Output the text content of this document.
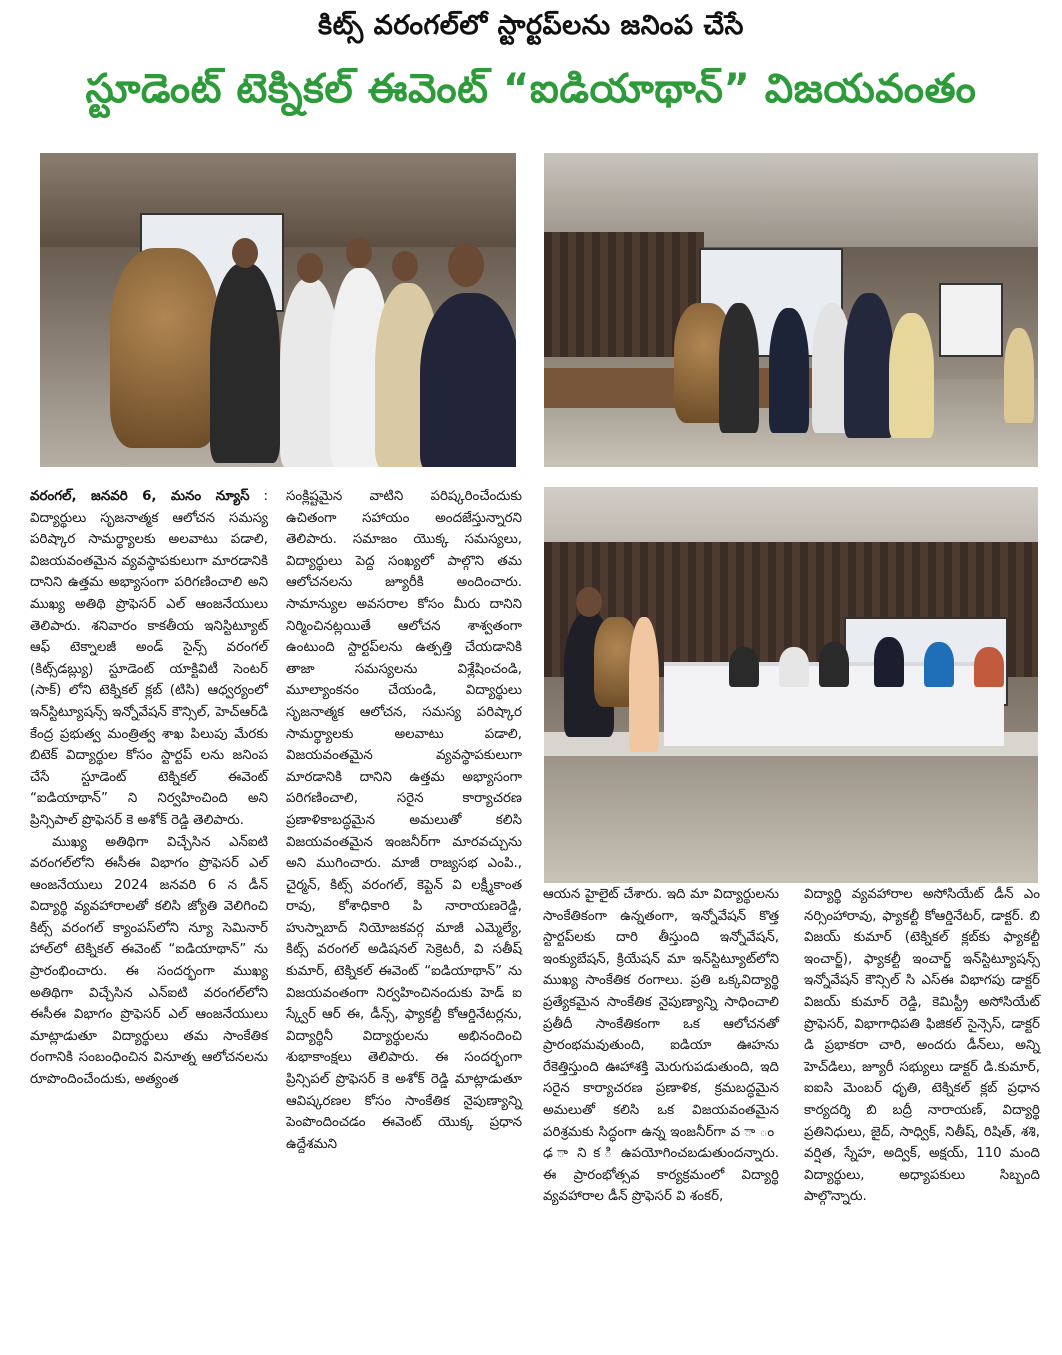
కిట్స్ వరంగల్‌లో స్టార్టప్‌లను జనింప చేసే
స్టూడెంట్ టెక్నికల్ ఈవెంట్ “ఐడియాథాన్” విజయవంతం

వరంగల్, జనవరి 6, మనం న్యూస్ : విద్యార్థులు సృజనాత్మక ఆలోచన సమస్య పరిష్కార సామర్థ్యాలకు అలవాటు పడాలి, విజయవంతమైన వ్యవస్థాపకులుగా మారడానికి దానిని ఉత్తమ అభ్యాసంగా పరిగణించాలి అని ముఖ్య అతిథి ప్రొఫెసర్ ఎల్ ఆంజనేయులు తెలిపారు. శనివారం కాకతీయ ఇనిస్టిట్యూట్ ఆఫ్ టెక్నాలజీ అండ్ సైన్స్ వరంగల్ (కిట్స్‌డబ్ల్యు) స్టూడెంట్ యాక్టివిటీ సెంటర్ (సాక్) లోని టెక్నికల్ క్లబ్ (టిసి) ఆధ్వర్యంలో ఇన్‌స్టిట్యూషన్స్ ఇన్నోవేషన్ కౌన్సిల్, హెచ్‌ఆర్‌డి కేంద్ర ప్రభుత్వ మంత్రిత్వ శాఖ పిలుపు మేరకు బిటెక్ విద్యార్థుల కోసం స్టార్టప్ లను జనింప చేసే స్టూడెంట్ టెక్నికల్ ఈవెంట్ “ఐడియాథాన్” ని నిర్వహించింది అని ప్రిన్సిపాల్ ప్రొఫెసర్ కె అశోక్ రెడ్డి తెలిపారు.

ముఖ్య అతిథిగా విచ్చేసిన ఎన్ఐటి వరంగల్‌లోని ఈసీఈ విభాగం ప్రొఫెసర్ ఎల్ ఆంజనేయులు 2024 జనవరి 6 న డీన్ విద్యార్థి వ్యవహారాలతో కలిసి జ్యోతి వెలిగించి కిట్స్ వరంగల్ క్యాంపస్‌లోని న్యూ సెమినార్ హాల్‌లో టెక్నికల్ ఈవెంట్ “ఐడియాథాన్” ను ప్రారంభించారు. ఈ సందర్భంగా ముఖ్య అతిథిగా విచ్చేసిన ఎన్ఐటి వరంగల్‌లోని ఈసీఈ విభాగం ప్రొఫెసర్ ఎల్ ఆంజనేయులు మాట్లాడుతూ విద్యార్థులు తమ సాంకేతిక రంగానికి సంబంధించిన వినూత్న ఆలోచనలను రూపొందించేందుకు, అత్యంత

సంక్లిష్టమైన వాటిని పరిష్కరించేందుకు ఉచితంగా సహాయం అందజేస్తున్నారని తెలిపారు. సమాజం యొక్క సమస్యలు, విద్యార్థులు పెద్ద సంఖ్యలో పాల్గొని తమ ఆలోచనలను జ్యూరీకి అందించారు. సామాన్యుల అవసరాల కోసం మీరు దానిని నిర్మించినట్లయితే ఆలోచన శాశ్వతంగా ఉంటుంది స్టార్టప్‌లను ఉత్పత్తి చేయడానికి తాజా సమస్యలను విశ్లేషించండి, మూల్యాంకనం చేయండి, విద్యార్థులు సృజనాత్మక ఆలోచన, సమస్య పరిష్కార సామర్థ్యాలకు అలవాటు పడాలి, విజయవంతమైన వ్యవస్థాపకులుగా మారడానికి దానిని ఉత్తమ అభ్యాసంగా పరిగణించాలి, సరైన కార్యాచరణ ప్రణాళికాబద్ధమైన అమలుతో కలిసి విజయవంతమైన ఇంజనీర్‌గా మారవచ్చును అని ముగించారు. మాజీ రాజ్యసభ ఎంపి., చైర్మన్, కిట్స్ వరంగల్, కెప్టెన్ వి లక్ష్మీకాంత రావు, కోశాధికారి పి నారాయణరెడ్డి, హుస్నాబాద్ నియోజకవర్గ మాజీ ఎమ్మెల్యే, కిట్స్ వరంగల్ అడిషనల్ సెక్రెటరీ, వి సతీష్ కుమార్, టెక్నికల్ ఈవెంట్ “ఐడియాథాన్” ను విజయవంతంగా నిర్వహించినందుకు హెడ్ ఐ స్క్వేర్ ఆర్ ఈ, డీన్స్, ఫ్యాకల్టీ కోఆర్డినేటర్లను, విద్యార్థినీ విద్యార్థులను అభినందించి శుభాకాంక్షలు తెలిపారు. ఈ సందర్భంగా ప్రిన్సిపల్ ప్రొఫెసర్ కె అశోక్ రెడ్డి మాట్లాడుతూ ఆవిష్కరణల కోసం సాంకేతిక నైపుణ్యాన్ని పెంపొందించడం ఈవెంట్ యొక్క ప్రధాన ఉద్దేశమని

ఆయన హైలైట్ చేశారు. ఇది మా విద్యార్థులను సాంకేతికంగా ఉన్నతంగా, ఇన్నోవేషన్ కొత్త స్టార్టప్‌లకు దారి తీస్తుంది ఇన్నోవేషన్, ఇంక్యుబేషన్, క్రియేషన్ మా ఇన్‌స్టిట్యూట్‌లోని ముఖ్య సాంకేతిక రంగాలు. ప్రతి ఒక్కవిద్యార్థి ప్రత్యేకమైన సాంకేతిక నైపుణ్యాన్ని సాధించాలి ప్రతీదీ సాంకేతికంగా ఒక ఆలోచనతో ప్రారంభమవుతుంది, ఐడియా ఊహను రేకెత్తిస్తుంది ఊహాశక్తి మెరుగుపడుతుంది, ఇది సరైన కార్యాచరణ ప్రణాళిక, క్రమబద్ధమైన అమలుతో కలిసి ఒక విజయవంతమైన పరిశ్రమకు సిద్ధంగా ఉన్న ఇంజనీర్‌గా వ ా ం ‌ ఢ ా ని క ి ఉపయోగించబడుతుందన్నారు. ఈ ప్రారంభోత్సవ కార్యక్రమంలో విద్యార్థి వ్యవహారాల డీన్ ప్రొఫెసర్ వి శంకర్,

విద్యార్థి వ్యవహారాల అసోసియేట్ డీన్ ఎం నర్సింహారావు, ఫ్యాకల్టీ కోఆర్డినేటర్, డాక్టర్. బి విజయ్ కుమార్ (టెక్నికల్ క్లబ్‌కు ఫ్యాకల్టీ ఇంచార్జ్), ఫ్యాకల్టీ ఇంచార్జ్ ఇన్‌స్టిట్యూషన్స్ ఇన్నోవేషన్ కౌన్సిల్ సి ఎస్ఈ విభాగపు డాక్టర్ విజయ్ కుమార్ రెడ్డి, కెమిస్ట్రీ అసోసియేట్ ప్రొఫెసర్, విభాగాధిపతి ఫిజికల్ సైన్సెస్, డాక్టర్ డి ప్రభాకరా చారి, అందరు డీన్‌లు, అన్ని హెచ్‌డిలు, జ్యూరీ సభ్యులు డాక్టర్ డి.కుమార్, ఐఐసి మెంబర్ ధృతి, టెక్నికల్ క్లబ్ ప్రధాన కార్యదర్శి బి బద్రీ నారాయణ్, విద్యార్థి ప్రతినిధులు, జైద్, సాధ్విక్, నితీష్, రిషిత్, శశి, వర్షిత, స్నేహ, అద్విక్, అక్షయ్, 110 మంది విద్యార్థులు, అధ్యాపకులు సిబ్బంది పాల్గొన్నారు.
